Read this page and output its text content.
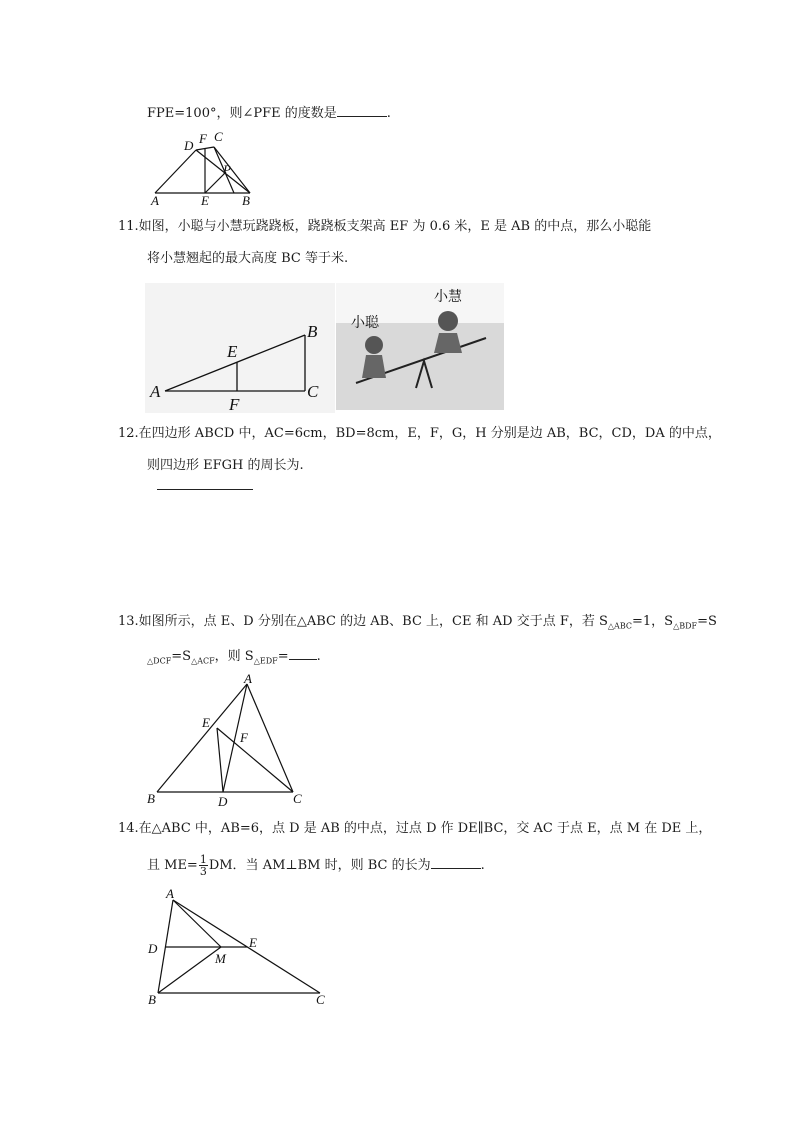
FPE=100°，则∠PFE 的度数是	.
D F C
P
A	E	B
11.如图，小聪与小慧玩跷跷板，跷跷板支架高 EF 为 0.6 米，E 是 AB 的中点，那么小聪能
将小慧翘起的最大高度 BC 等于米.
A
B
C
E
F
小聪
小慧
12.在四边形 ABCD 中，AC=6cm，BD=8cm，E，F，G，H 分别是边 AB，BC，CD，DA 的中点，
则四边形 EFGH 的周长为.
13.如图所示，点 E、D 分别在△ABC 的边 AB、BC 上，CE 和 AD 交于点 F，若 $S_{\triangle ABC}=1$，$S_{\triangle BDF}=S$
$_{\triangle DCF}=S_{\triangle ACF}$，则 $S_{\triangle EDF}=$ .
A
B	C
D
E
F
14.在△ABC 中，AB=6，点 D 是 AB 的中点，过点 D 作 DE∥BC，交 AC 于点 E，点 M 在 DE 上，
且 $ME= \frac{1}{3}$ DM．当 AM⊥BM 时，则 BC 的长为	.
A
D	E
M
B	C
